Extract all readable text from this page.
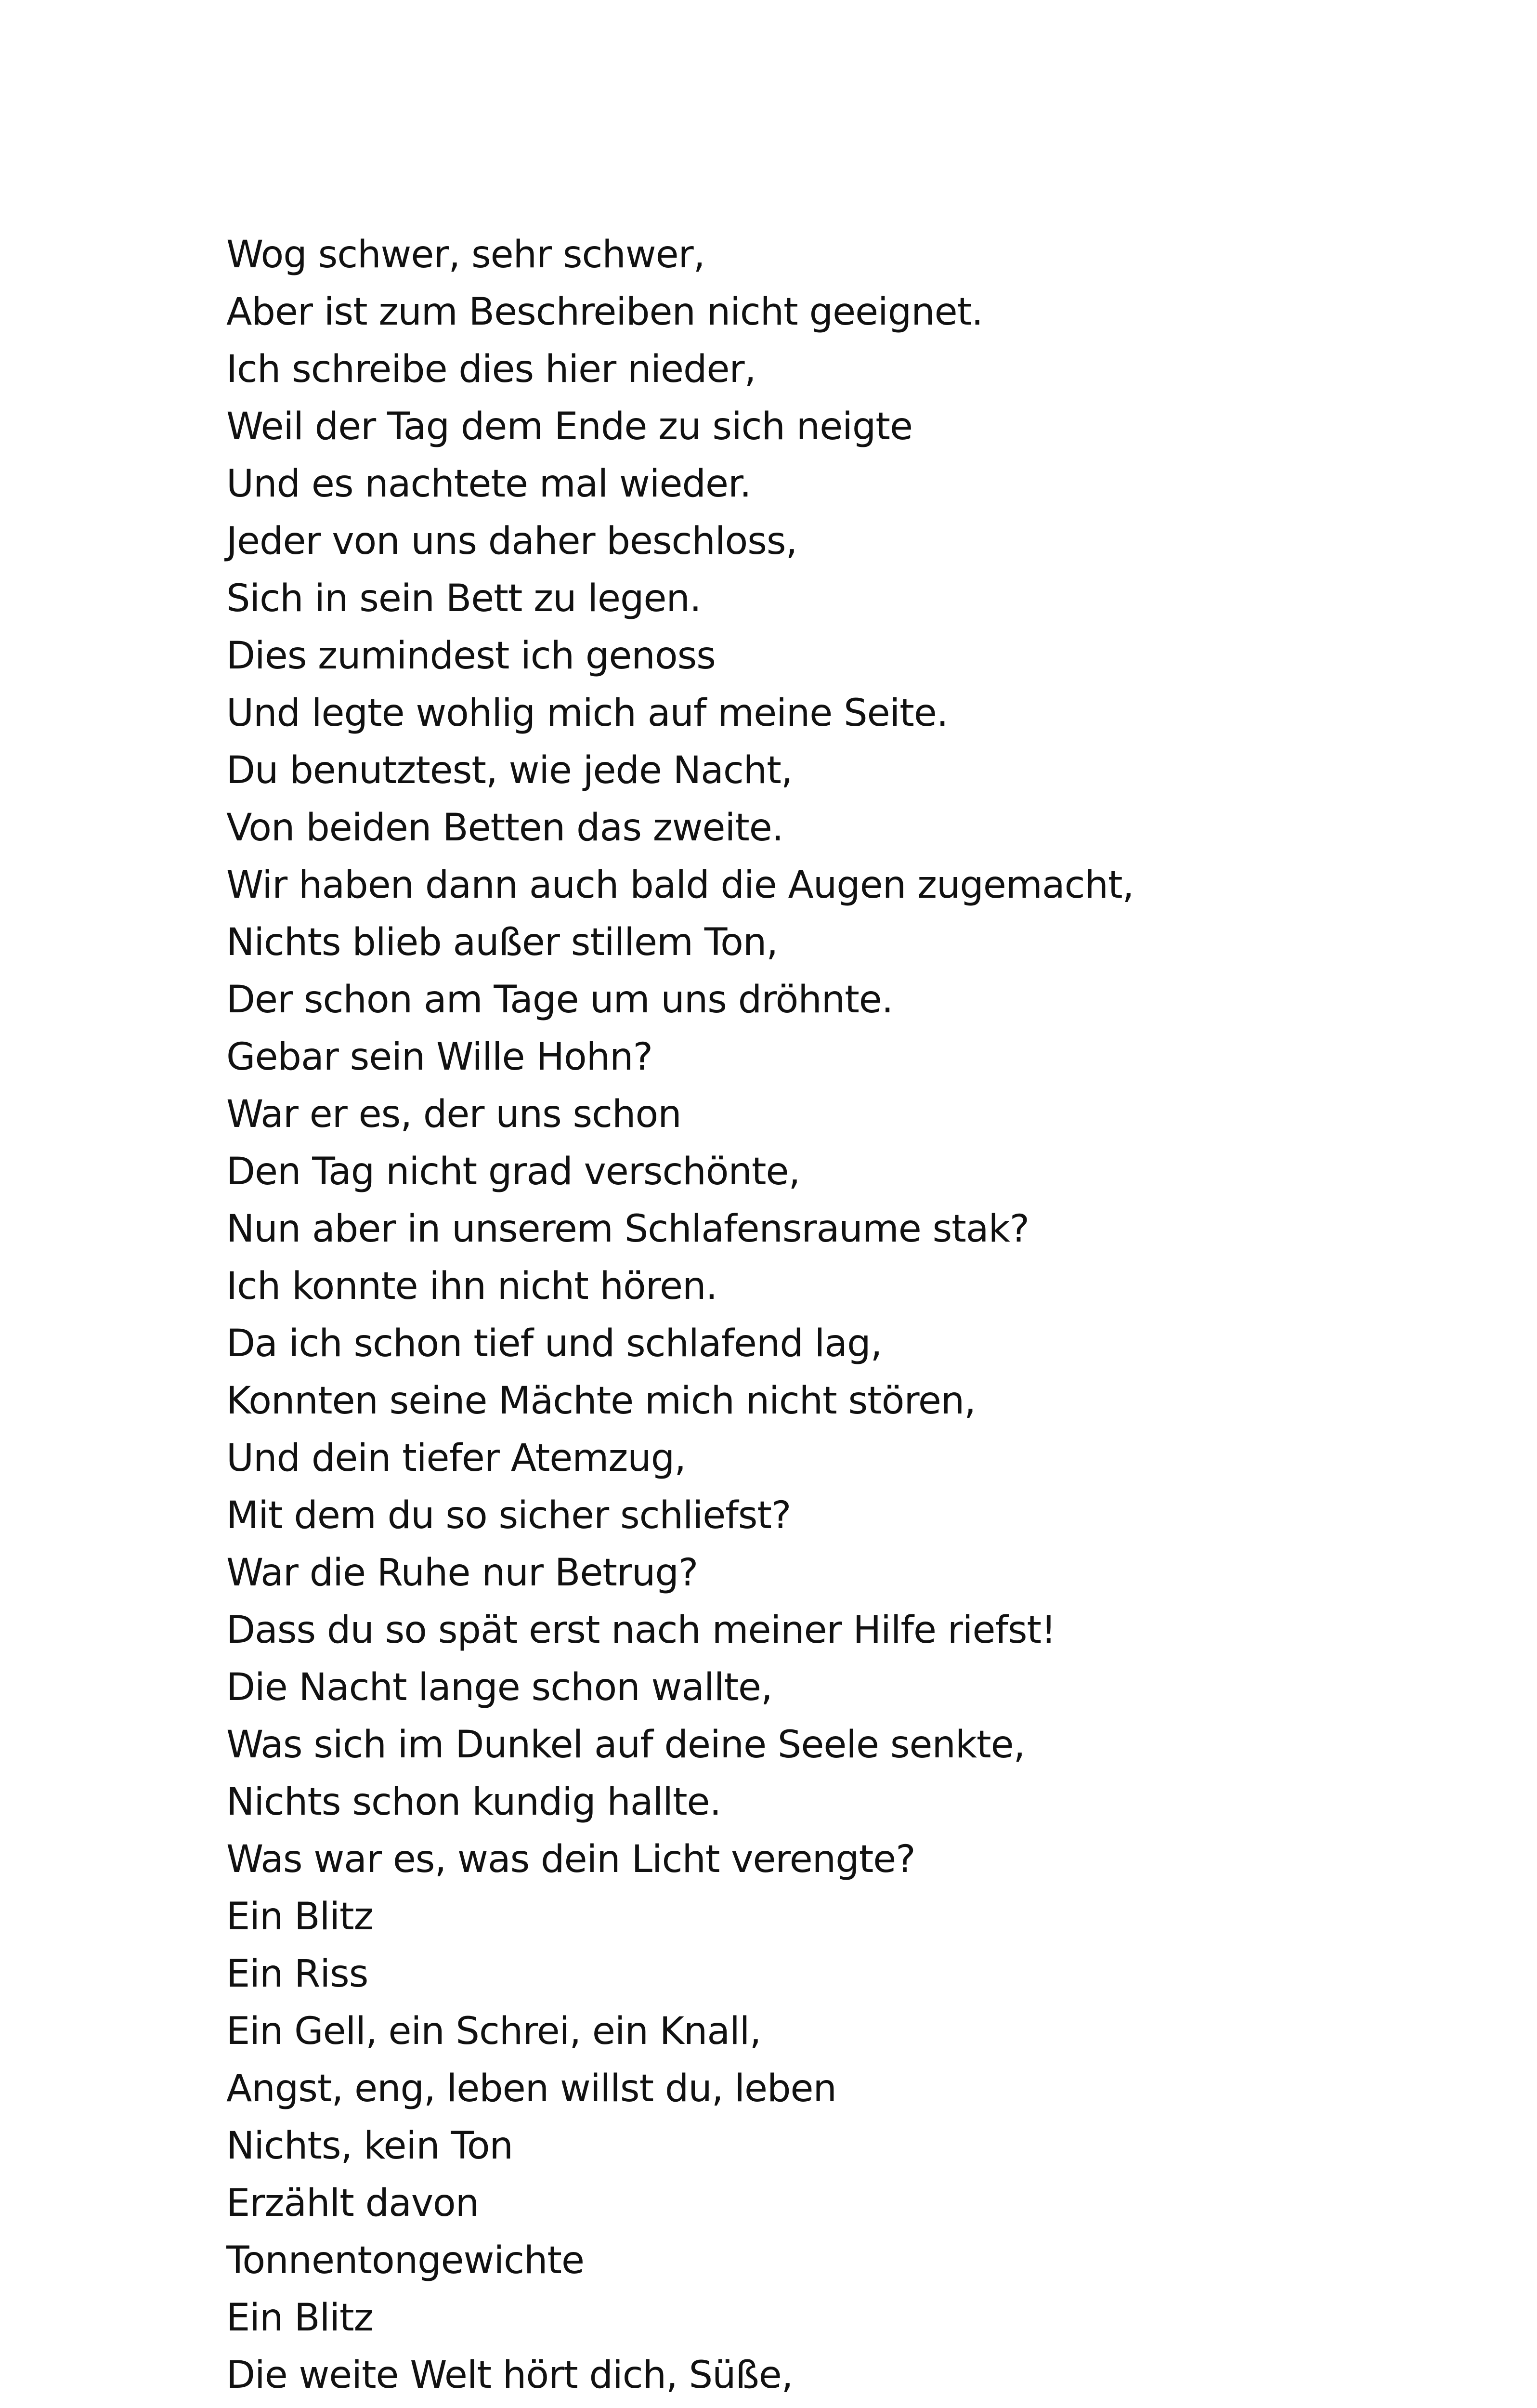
Wog schwer, sehr schwer,
Aber ist zum Beschreiben nicht geeignet.
Ich schreibe dies hier nieder,
Weil der Tag dem Ende zu sich neigte
Und es nachtete mal wieder.
Jeder von uns daher beschloss,
Sich in sein Bett zu legen.
Dies zumindest ich genoss
Und legte wohlig mich auf meine Seite.
Du benutztest, wie jede Nacht,
Von beiden Betten das zweite.
Wir haben dann auch bald die Augen zugemacht,
Nichts blieb außer stillem Ton,
Der schon am Tage um uns dröhnte.
Gebar sein Wille Hohn?
War er es, der uns schon
Den Tag nicht grad verschönte,
Nun aber in unserem Schlafensraume stak?
Ich konnte ihn nicht hören.
Da ich schon tief und schlafend lag,
Konnten seine Mächte mich nicht stören,
Und dein tiefer Atemzug,
Mit dem du so sicher schliefst?
War die Ruhe nur Betrug?
Dass du so spät erst nach meiner Hilfe riefst!
Die Nacht lange schon wallte,
Was sich im Dunkel auf deine Seele senkte,
Nichts schon kundig hallte.
Was war es, was dein Licht verengte?
Ein Blitz
Ein Riss
Ein Gell, ein Schrei, ein Knall,
Angst, eng, leben willst du, leben
Nichts, kein Ton
Erzählt davon
Tonnentongewichte
Ein Blitz
Die weite Welt hört dich, Süße,
